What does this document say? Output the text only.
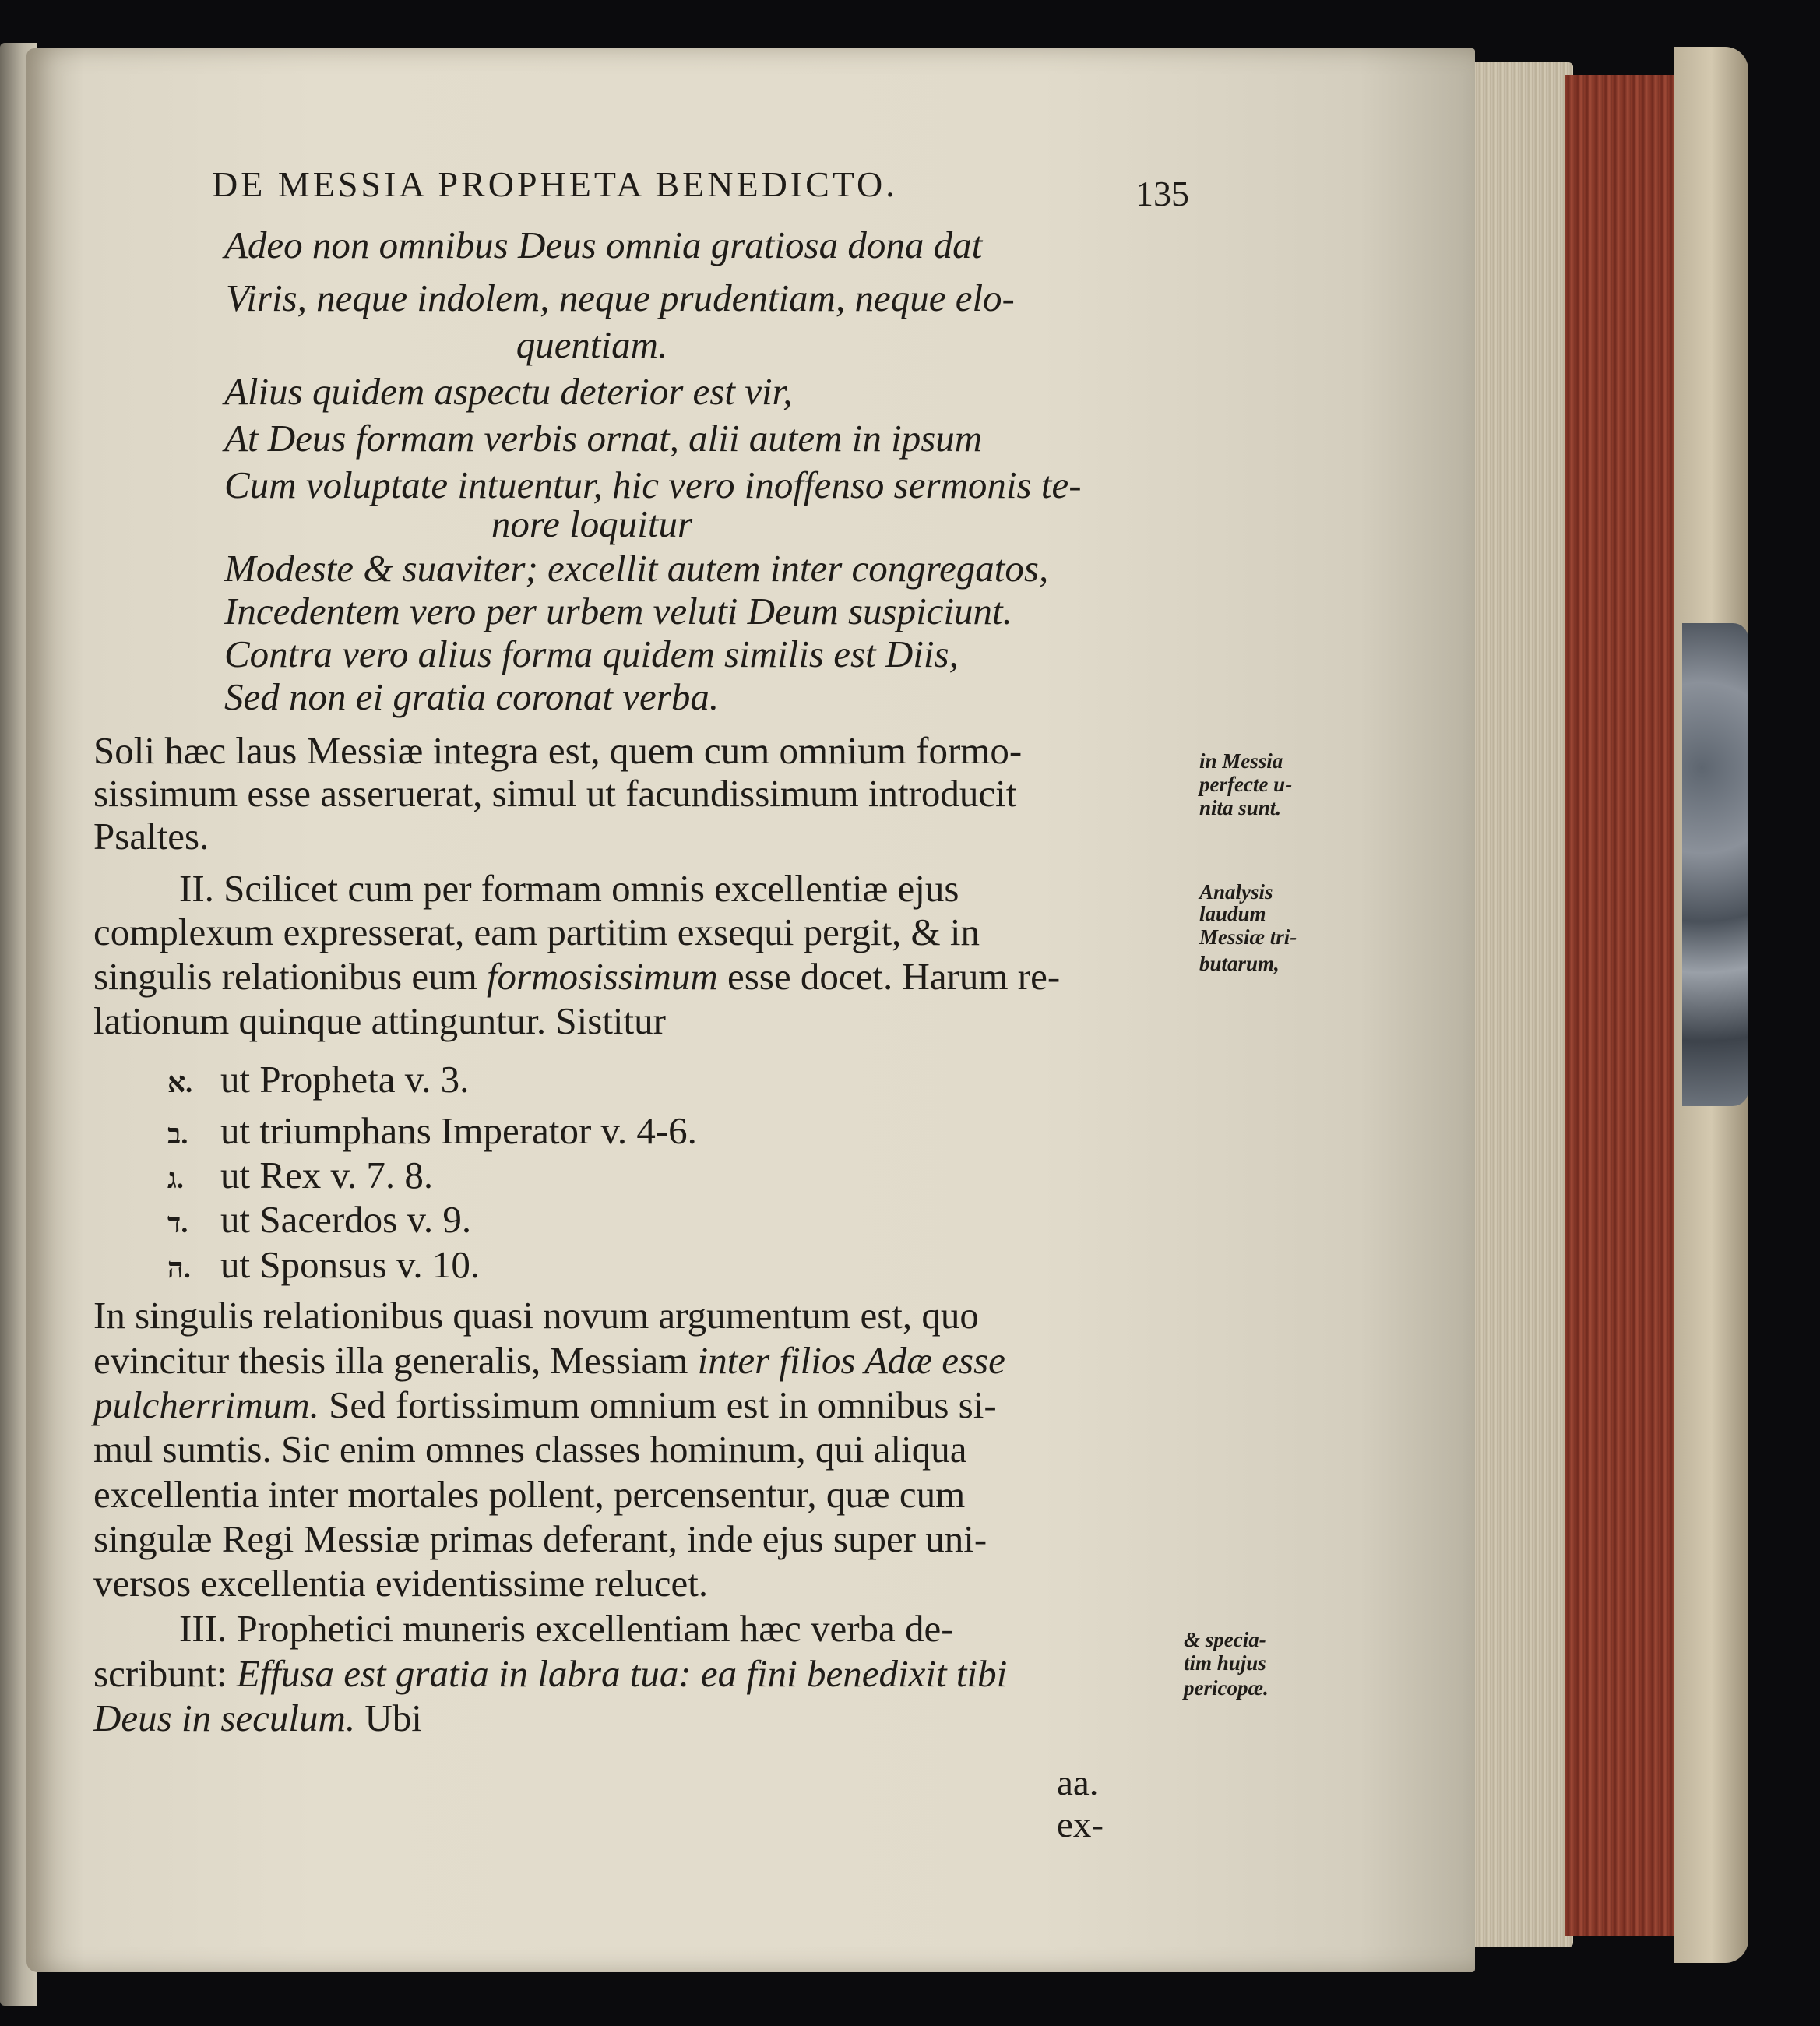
DE MESSIA PROPHETA BENEDICTO.	135
Adeo non omnibus Deus omnia gratiosa dona dat
Viris, neque indolem, neque prudentiam, neque elo-
quentiam.
Alius quidem aspectu deterior est vir,
At Deus formam verbis ornat, alii autem in ipsum
Cum voluptate intuentur, hic vero inoffenso sermonis te-
nore loquitur
Modeste & suaviter; excellit autem inter congregatos,
Incedentem vero per urbem veluti Deum suspiciunt.
Contra vero alius forma quidem similis est Diis,
Sed non ei gratia coronat verba.
Soli hæc laus Messiæ integra est, quem cum omnium formo-
sissimum esse asseruerat, simul ut facundissimum introducit
Psaltes.
in Messia
perfecte u-
nita sunt.
II. Scilicet cum per formam omnis excellentiæ ejus
complexum expresserat, eam partitim exsequi pergit, & in
singulis relationibus eum formosissimum esse docet. Harum re-
lationum quinque attinguntur. Sistitur
Analysis
laudum
Messiæ tri-
butarum,
א. ut Propheta v. 3.
ב. ut triumphans Imperator v. 4-6.
ג. ut Rex v. 7. 8.
ד. ut Sacerdos v. 9.
ה. ut Sponsus v. 10.
In singulis relationibus quasi novum argumentum est, quo
evincitur thesis illa generalis, Messiam inter filios Adæ esse
pulcherrimum. Sed fortissimum omnium est in omnibus si-
mul sumtis. Sic enim omnes classes hominum, qui aliqua
excellentia inter mortales pollent, percensentur, quæ cum
singulæ Regi Messiæ primas deferant, inde ejus super uni-
versos excellentia evidentissime relucet.
III. Prophetici muneris excellentiam hæc verba de-
scribunt: Effusa est gratia in labra tua: ea fini benedixit tibi
Deus in seculum. Ubi
& specia-
tim hujus
pericopæ.
aa. ex-
